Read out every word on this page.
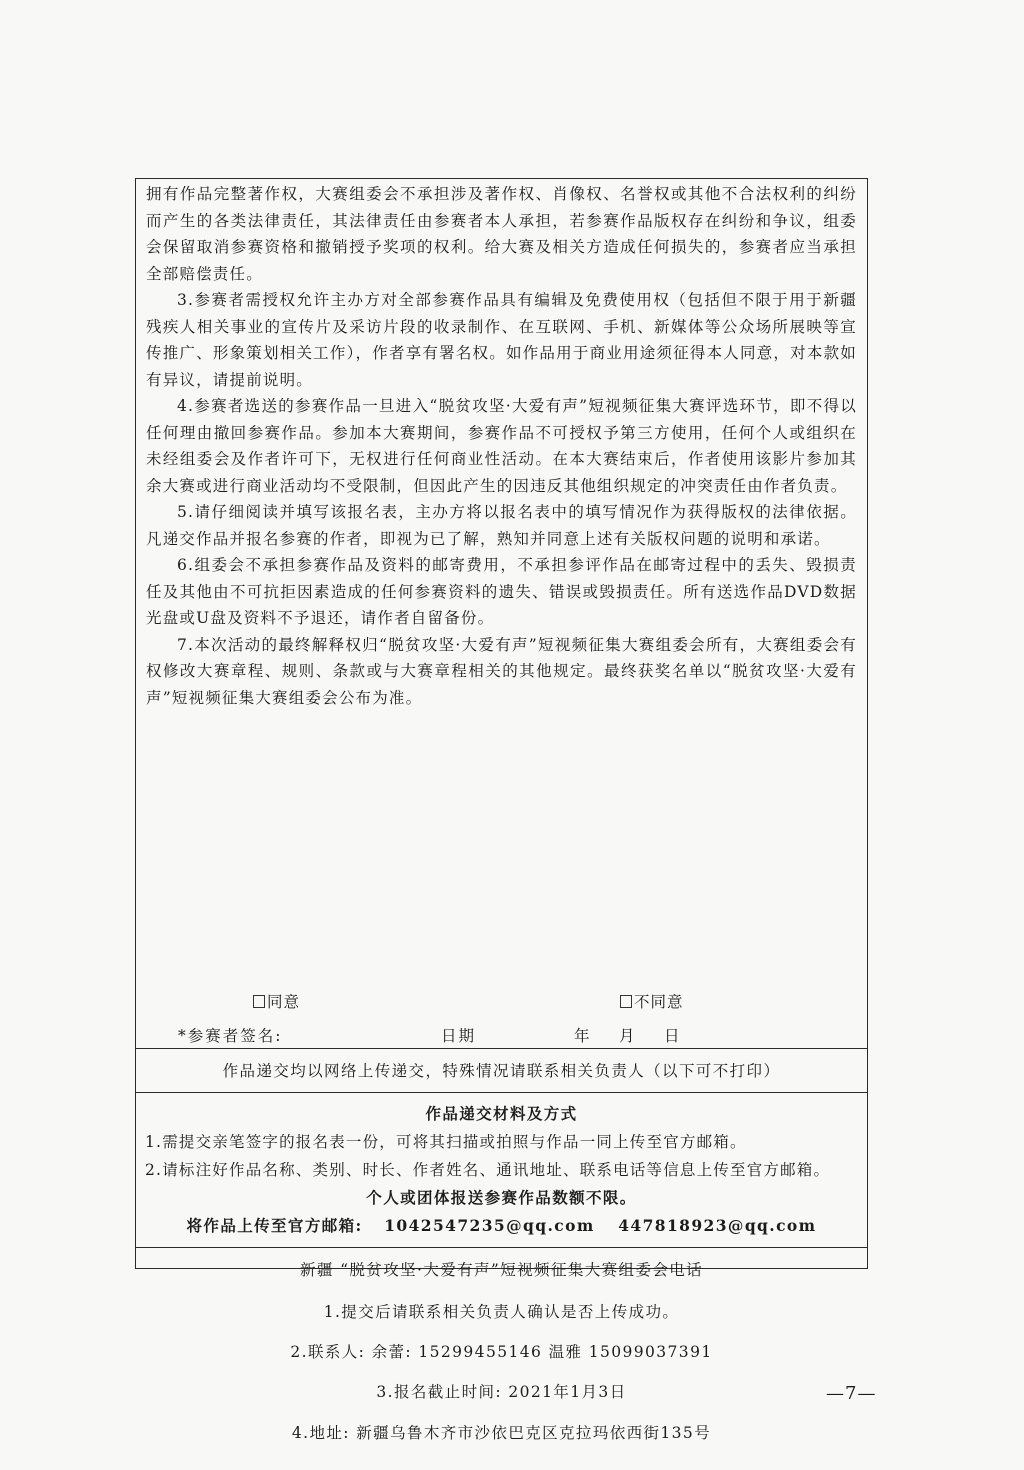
拥有作品完整著作权，大赛组委会不承担涉及著作权、肖像权、名誉权或其他不合法权利的纠纷而产生的各类法律责任，其法律责任由参赛者本人承担，若参赛作品版权存在纠纷和争议，组委会保留取消参赛资格和撤销授予奖项的权利。给大赛及相关方造成任何损失的，参赛者应当承担全部赔偿责任。

3.参赛者需授权允许主办方对全部参赛作品具有编辑及免费使用权（包括但不限于用于新疆残疾人相关事业的宣传片及采访片段的收录制作、在互联网、手机、新媒体等公众场所展映等宣传推广、形象策划相关工作），作者享有署名权。如作品用于商业用途须征得本人同意，对本款如有异议，请提前说明。

4.参赛者选送的参赛作品一旦进入“脱贫攻坚·大爱有声”短视频征集大赛评选环节，即不得以任何理由撤回参赛作品。参加本大赛期间，参赛作品不可授权予第三方使用，任何个人或组织在未经组委会及作者许可下，无权进行任何商业性活动。在本大赛结束后，作者使用该影片参加其余大赛或进行商业活动均不受限制，但因此产生的因违反其他组织规定的冲突责任由作者负责。

5.请仔细阅读并填写该报名表，主办方将以报名表中的填写情况作为获得版权的法律依据。凡递交作品并报名参赛的作者，即视为已了解，熟知并同意上述有关版权问题的说明和承诺。

6.组委会不承担参赛作品及资料的邮寄费用，不承担参评作品在邮寄过程中的丢失、毁损责任及其他由不可抗拒因素造成的任何参赛资料的遗失、错误或毁损责任。所有送选作品DVD数据光盘或U盘及资料不予退还，请作者自留备份。

7.本次活动的最终解释权归“脱贫攻坚·大爱有声”短视频征集大赛组委会所有，大赛组委会有权修改大赛章程、规则、条款或与大赛章程相关的其他规定。最终获奖名单以“脱贫攻坚·大爱有声”短视频征集大赛组委会公布为准。

同意	不同意
*参赛者签名:	日期	年 月 日
作品递交均以网络上传递交，特殊情况请联系相关负责人（以下可不打印）
作品递交材料及方式
1.需提交亲笔签字的报名表一份，可将其扫描或拍照与作品一同上传至官方邮箱。
2.请标注好作品名称、类别、时长、作者姓名、通讯地址、联系电话等信息上传至官方邮箱。
个人或团体报送参赛作品数额不限。
将作品上传至官方邮箱: 1042547235@qq.com 447818923@qq.com
新疆 “脱贫攻坚·大爱有声”短视频征集大赛组委会电话
1.提交后请联系相关负责人确认是否上传成功。
2.联系人: 余蕾: 15299455146 温雅 15099037391
3.报名截止时间: 2021年1月3日
4.地址: 新疆乌鲁木齐市沙依巴克区克拉玛依西街135号
—7—
